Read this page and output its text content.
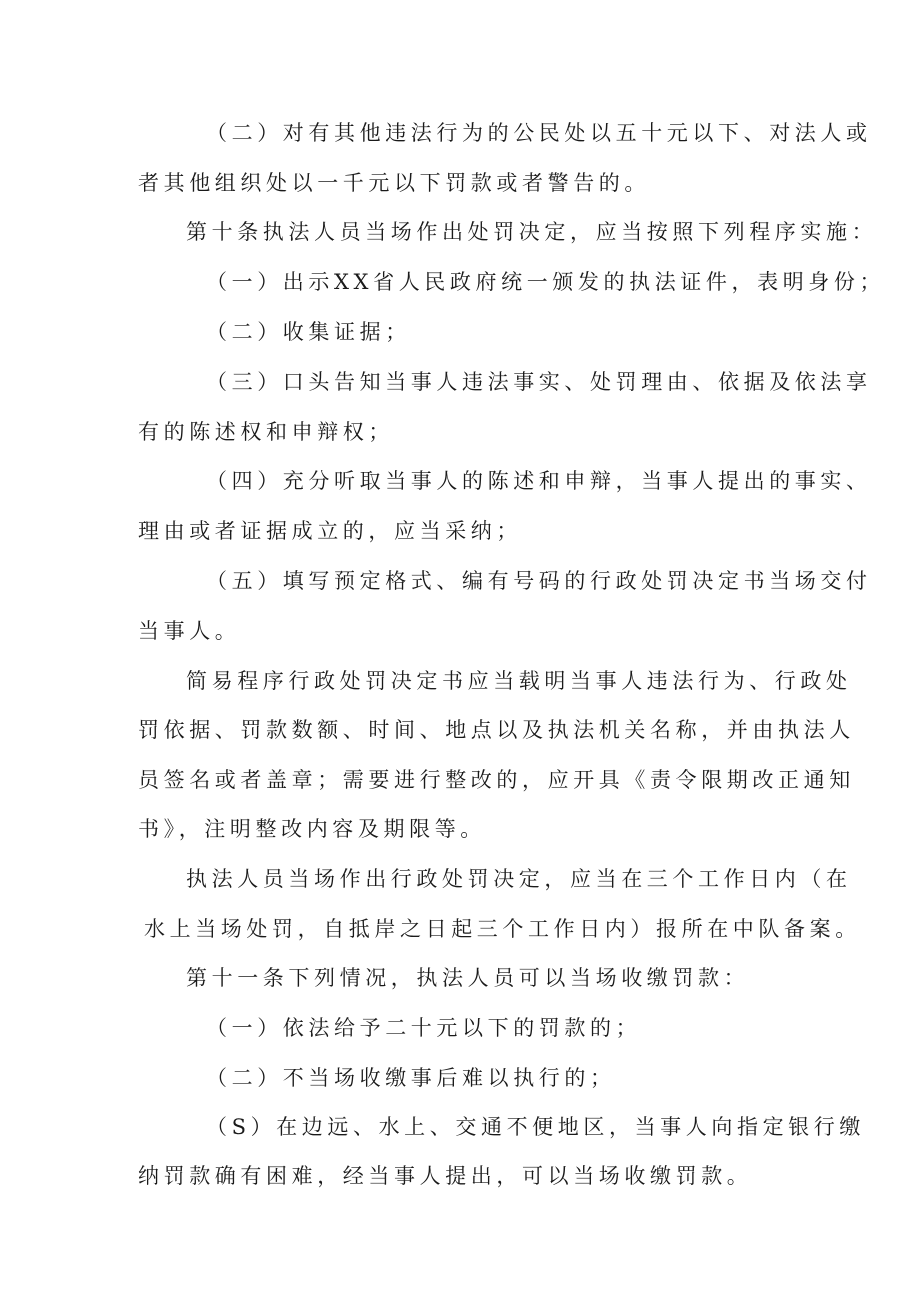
（二）对有其他违法行为的公民处以五十元以下、对法人或
者其他组织处以一千元以下罚款或者警告的。
第十条执法人员当场作出处罚决定，应当按照下列程序实施：
（一）出示XX省人民政府统一颁发的执法证件，表明身份；
（二）收集证据；
（三）口头告知当事人违法事实、处罚理由、依据及依法享
有的陈述权和申辩权；
（四）充分听取当事人的陈述和申辩，当事人提出的事实、
理由或者证据成立的，应当采纳；
（五）填写预定格式、编有号码的行政处罚决定书当场交付
当事人。
简易程序行政处罚决定书应当载明当事人违法行为、行政处
罚依据、罚款数额、时间、地点以及执法机关名称，并由执法人
员签名或者盖章；需要进行整改的，应开具《责令限期改正通知
书》，注明整改内容及期限等。
执法人员当场作出行政处罚决定，应当在三个工作日内（在
水上当场处罚，自抵岸之日起三个工作日内）报所在中队备案。
第十一条下列情况，执法人员可以当场收缴罚款：
（一）依法给予二十元以下的罚款的；
（二）不当场收缴事后难以执行的；
（S）在边远、水上、交通不便地区，当事人向指定银行缴
纳罚款确有困难，经当事人提出，可以当场收缴罚款。
